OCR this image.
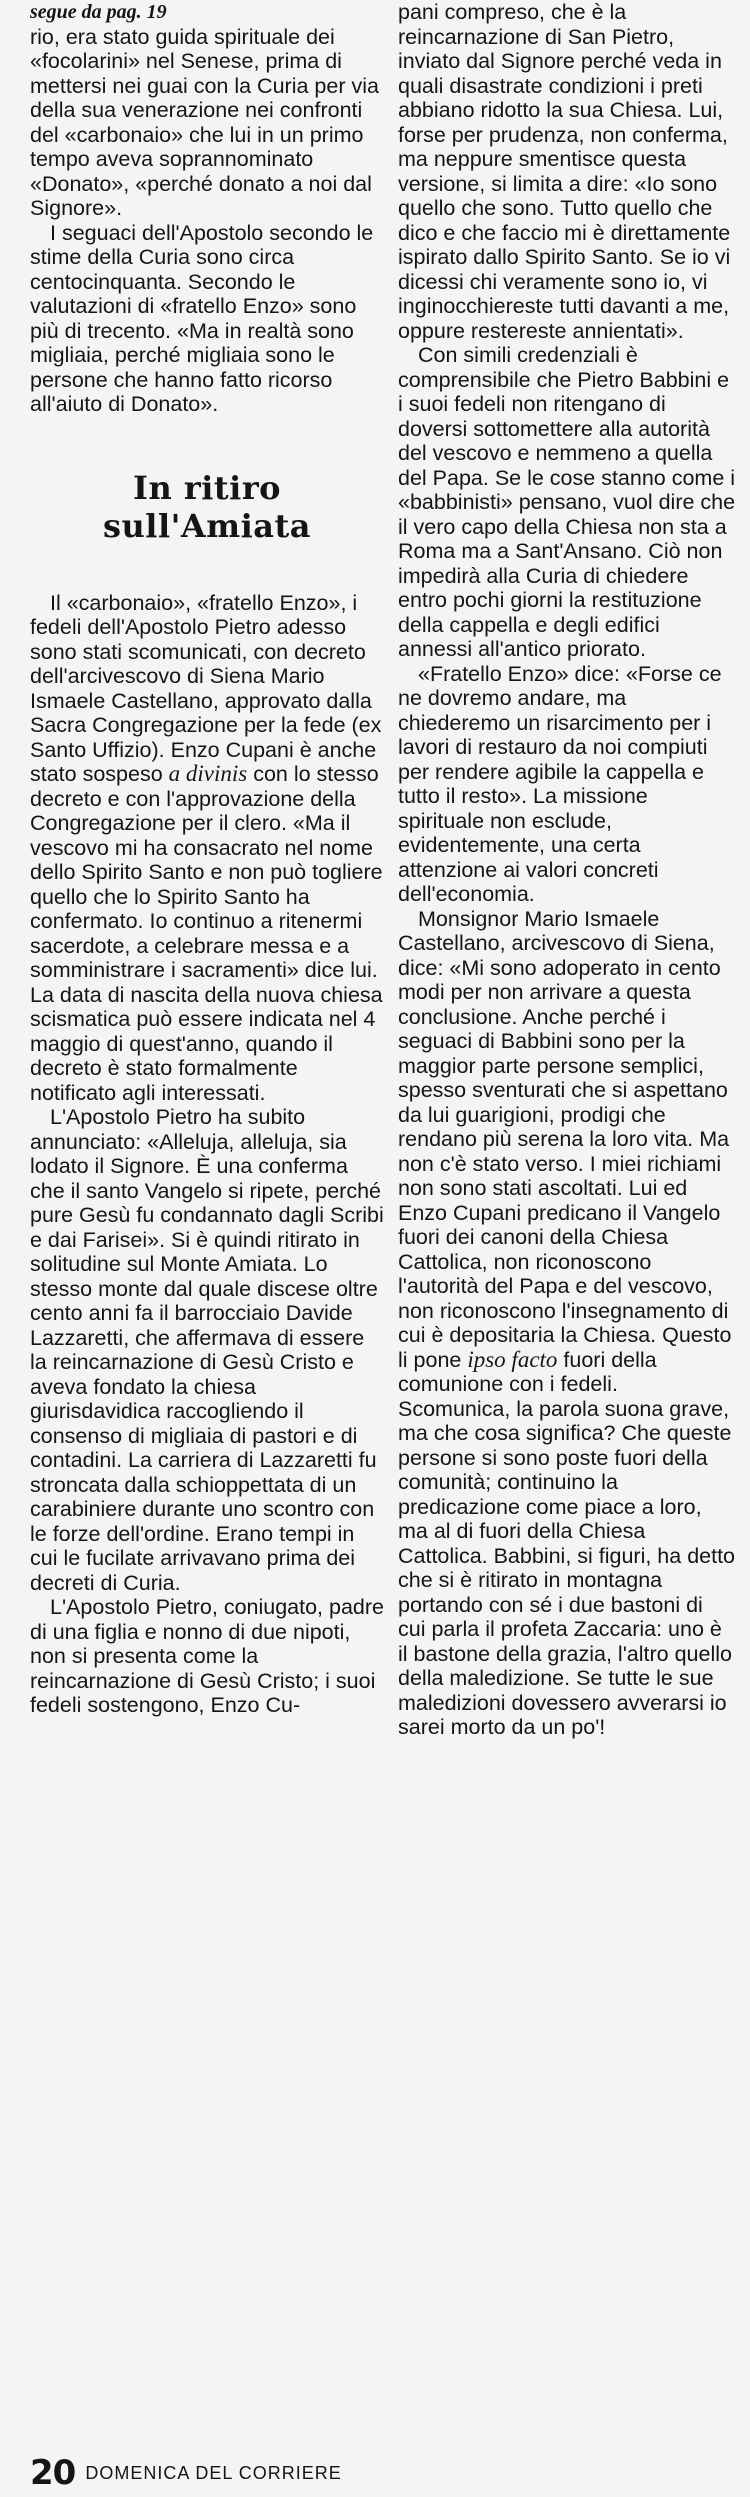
segue da pag. 19

rio, era stato guida spirituale dei «focolarini» nel Senese, prima di mettersi nei guai con la Curia per via della sua venerazione nei confronti del «carbonaio» che lui in un primo tempo aveva soprannominato «Donato», «perché donato a noi dal Signore».

I seguaci dell'Apostolo secondo le stime della Curia sono circa centocinquanta. Secondo le valutazioni di «fratello Enzo» sono più di trecento. «Ma in realtà sono migliaia, perché migliaia sono le persone che hanno fatto ricorso all'aiuto di Donato».

In ritiro
sull'Amiata

Il «carbonaio», «fratello Enzo», i fedeli dell'Apostolo Pietro adesso sono stati scomunicati, con decreto dell'arcivescovo di Siena Mario Ismaele Castellano, approvato dalla Sacra Congregazione per la fede (ex Santo Uffizio). Enzo Cupani è anche stato sospeso a divinis con lo stesso decreto e con l'approvazione della Congregazione per il clero. «Ma il vescovo mi ha consacrato nel nome dello Spirito Santo e non può togliere quello che lo Spirito Santo ha confermato. Io continuo a ritenermi sacerdote, a celebrare messa e a somministrare i sacramenti» dice lui. La data di nascita della nuova chiesa scismatica può essere indicata nel 4 maggio di quest'anno, quando il decreto è stato formalmente notificato agli interessati.

L'Apostolo Pietro ha subito annunciato: «Alleluja, alleluja, sia lodato il Signore. È una conferma che il santo Vangelo si ripete, perché pure Gesù fu condannato dagli Scribi e dai Farisei». Si è quindi ritirato in solitudine sul Monte Amiata. Lo stesso monte dal quale discese oltre cento anni fa il barrocciaio Davide Lazzaretti, che affermava di essere la reincarnazione di Gesù Cristo e aveva fondato la chiesa giurisdavidica raccogliendo il consenso di migliaia di pastori e di contadini. La carriera di Lazzaretti fu stroncata dalla schioppettata di un carabiniere durante uno scontro con le forze dell'ordine. Erano tempi in cui le fucilate arrivavano prima dei decreti di Curia.

L'Apostolo Pietro, coniugato, padre di una figlia e nonno di due nipoti, non si presenta come la reincarnazione di Gesù Cristo; i suoi fedeli sostengono, Enzo Cu-

pani compreso, che è la reincarnazione di San Pietro, inviato dal Signore perché veda in quali disastrate condizioni i preti abbiano ridotto la sua Chiesa. Lui, forse per prudenza, non conferma, ma neppure smentisce questa versione, si limita a dire: «Io sono quello che sono. Tutto quello che dico e che faccio mi è direttamente ispirato dallo Spirito Santo. Se io vi dicessi chi veramente sono io, vi inginocchiereste tutti davanti a me, oppure restereste annientati».

Con simili credenziali è comprensibile che Pietro Babbini e i suoi fedeli non ritengano di doversi sottomettere alla autorità del vescovo e nemmeno a quella del Papa. Se le cose stanno come i «babbinisti» pensano, vuol dire che il vero capo della Chiesa non sta a Roma ma a Sant'Ansano. Ciò non impedirà alla Curia di chiedere entro pochi giorni la restituzione della cappella e degli edifici annessi all'antico priorato.

«Fratello Enzo» dice: «Forse ce ne dovremo andare, ma chiederemo un risarcimento per i lavori di restauro da noi compiuti per rendere agibile la cappella e tutto il resto». La missione spirituale non esclude, evidentemente, una certa attenzione ai valori concreti dell'economia.

Monsignor Mario Ismaele Castellano, arcivescovo di Siena, dice: «Mi sono adoperato in cento modi per non arrivare a questa conclusione. Anche perché i seguaci di Babbini sono per la maggior parte persone semplici, spesso sventurati che si aspettano da lui guarigioni, prodigi che rendano più serena la loro vita. Ma non c'è stato verso. I miei richiami non sono stati ascoltati. Lui ed Enzo Cupani predicano il Vangelo fuori dei canoni della Chiesa Cattolica, non riconoscono l'autorità del Papa e del vescovo, non riconoscono l'insegnamento di cui è depositaria la Chiesa. Questo li pone ipso facto fuori della comunione con i fedeli. Scomunica, la parola suona grave, ma che cosa significa? Che queste persone si sono poste fuori della comunità; continuino la predicazione come piace a loro, ma al di fuori della Chiesa Cattolica. Babbini, si figuri, ha detto che si è ritirato in montagna portando con sé i due bastoni di cui parla il profeta Zaccaria: uno è il bastone della grazia, l'altro quello della maledizione. Se tutte le sue maledizioni dovessero avverarsi io sarei morto da un po'!

20 DOMENICA DEL CORRIERE
